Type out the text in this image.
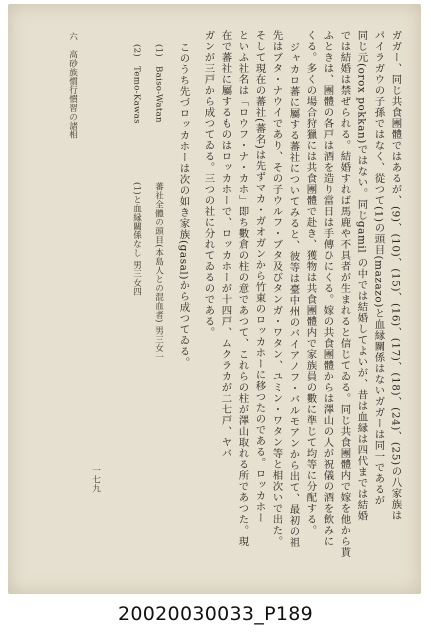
一七九	ガガー、同じ共食團體ではあるが、(9)、(10)、(15)、(16)、(17)、(18)、(24)、(25)の八家族は
パイラガウの子孫ではなく、從つて(1)の頭目(mazazo)と血縁關係はないガガーは同一であるが
同じ元(orox pokkan)ではない。同じgamil の中では結婚してよいが、昔は血縁は四代までは結婚
では結婚は禁ぜられる。結婚すれば馬鹿や不具者が生まれると信じてゐる。同じ共食團體内で嫁を他から貰
ふときは、團體の各戸は酒を造り當日は手傳ひにくる。嫁の共食團體からは澤山の人が祝儀の酒を飲みに
くる。多くの場合狩獵には共食團體で赴き、獲物は共食團體内で家族員の數に準じて均等に分配する。
ジャカロ蕃に屬する蕃社についてみると、彼等は臺中州のバイアノフ・バルモアンから出て、最初の祖
先はブタ・ナウイであり、その子ウルフ・ブタ及びタンガ・ワタン、ユミン・ワタン等と相次いで出た。
そして現在の蕃社(蕃名)は先ずマカ・ガオガンから竹東のロッカホーに移つたのである。ロッカホー
といふ社名は「ロウフ・ナ・カホ」即ち數倉の柱の意であつて、これらの柱が澤山取れる所であつた。現
在で蕃社に屬するものはロッカホーで、ロッカホーが十四戸、ムクラカが二七戸、ヤバ
ガンが三戸から成つてゐる。三つの社に分れてゐるのである。
このうち先づロッカホーは次の如き家族(gasal)から成つてゐる。
(1)
Baiso-Watan
蕃社全體の頭目(本島人との混血者) 男三女一
(2)
Temo-Kawas
(1)と血縁關係なし 男三女四
六
高砂族慣行慣習の諸相
20020030033_P189
